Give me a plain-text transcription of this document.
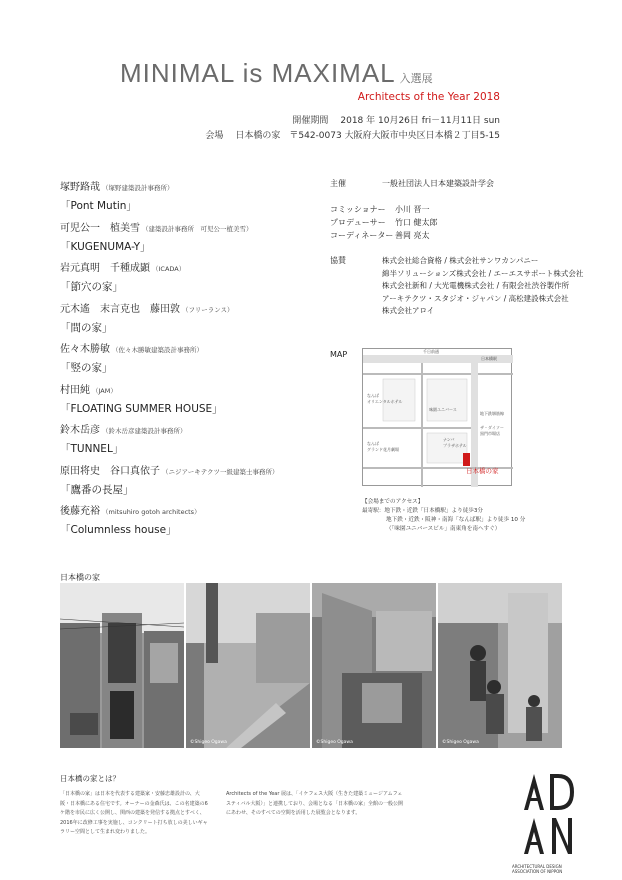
MINIMAL is MAXIMAL 入選展
Architects of the Year 2018
開催期間 2018 年 10月26日 fri－11月11日 sun
会場 日本橋の家　〒542-0073 大阪府大阪市中央区日本橋２丁目5-15
塚野路哉 （塚野建築設計事務所）
「Pont Mutin」
可児公一　植美雪 （建築設計事務所　可児公一植美雪）
「KUGENUMA-Y」
岩元真明　千種成顕 （ICADA）
「節穴の家」
元木遙　末言克也　藤田敦 （フリーランス）
「間の家」
佐々木勝敏 （佐々木勝敏建築設計事務所）
「竪の家」
村田純 （JAM）
「FLOATING SUMMER HOUSE」
鈴木岳彦 （鈴木岳彦建築設計事務所）
「TUNNEL」
原田将史　谷口真依子 （ニジアーキテクツ一級建築士事務所）
「鷹番の長屋」
後藤充裕 （mitsuhiro gotoh architects）
「Columnless house」
主催	一般社団法人日本建築設計学会
コミッショナー	小川 晋一
プロデューサー	竹口 健太郎
コーディネーター 善岡 亮太
協賛	株式会社総合資格 / 株式会社サンワカンパニー
綿半ソリューションズ株式会社 / エーエスサポート株式会社
株式会社新和 / 大光電機株式会社 / 有限会社渋谷製作所
アーキテクツ・スタジオ・ジャパン / 高松建設株式会社
株式会社アロイ
MAP	千日前通
日本橋駅
なんば
オリエンタルホテル
味園ユニバース
ナンバ
プラザホテル
地下鉄堺筋線
ザ・ダイソー
黒門市場店
なんば
グランド花月劇場
日本橋の家
【会場までのアクセス】
最寄駅：地下鉄・近鉄「日本橋駅」より徒歩3分
地下鉄・近鉄・阪神・南海「なんば駅」より徒歩 10 分
（「味園ユニバースビル」南東角を南へすぐ）
日本橋の家
©Shigeo Ogawa	©Shigeo Ogawa	©Shigeo Ogawa
日本橋の家とは？
「日本橋の家」は日本を代表する建築家・安藤忠雄設計の、大阪・日本橋にある住宅です。オーナーの金森氏は、この名建築の6ケ階を市民に広く公開し、関西の建築を発信する拠点とすべく、2016年に改修工事を実施し、コンクリート打ち放しの美しいギャラリー空間として生まれ変わりました。
Architects of the Year 展は、「イケフェス大阪（生きた建築ミュージアムフェスティバル大阪）」と連携しており、会場となる「日本橋の家」全館の一般公開にあわせ、そのすべての空間を活用した展覧会となります。
ARCHITECTURAL DESIGN
ASSOCIATION OF NIPPON
